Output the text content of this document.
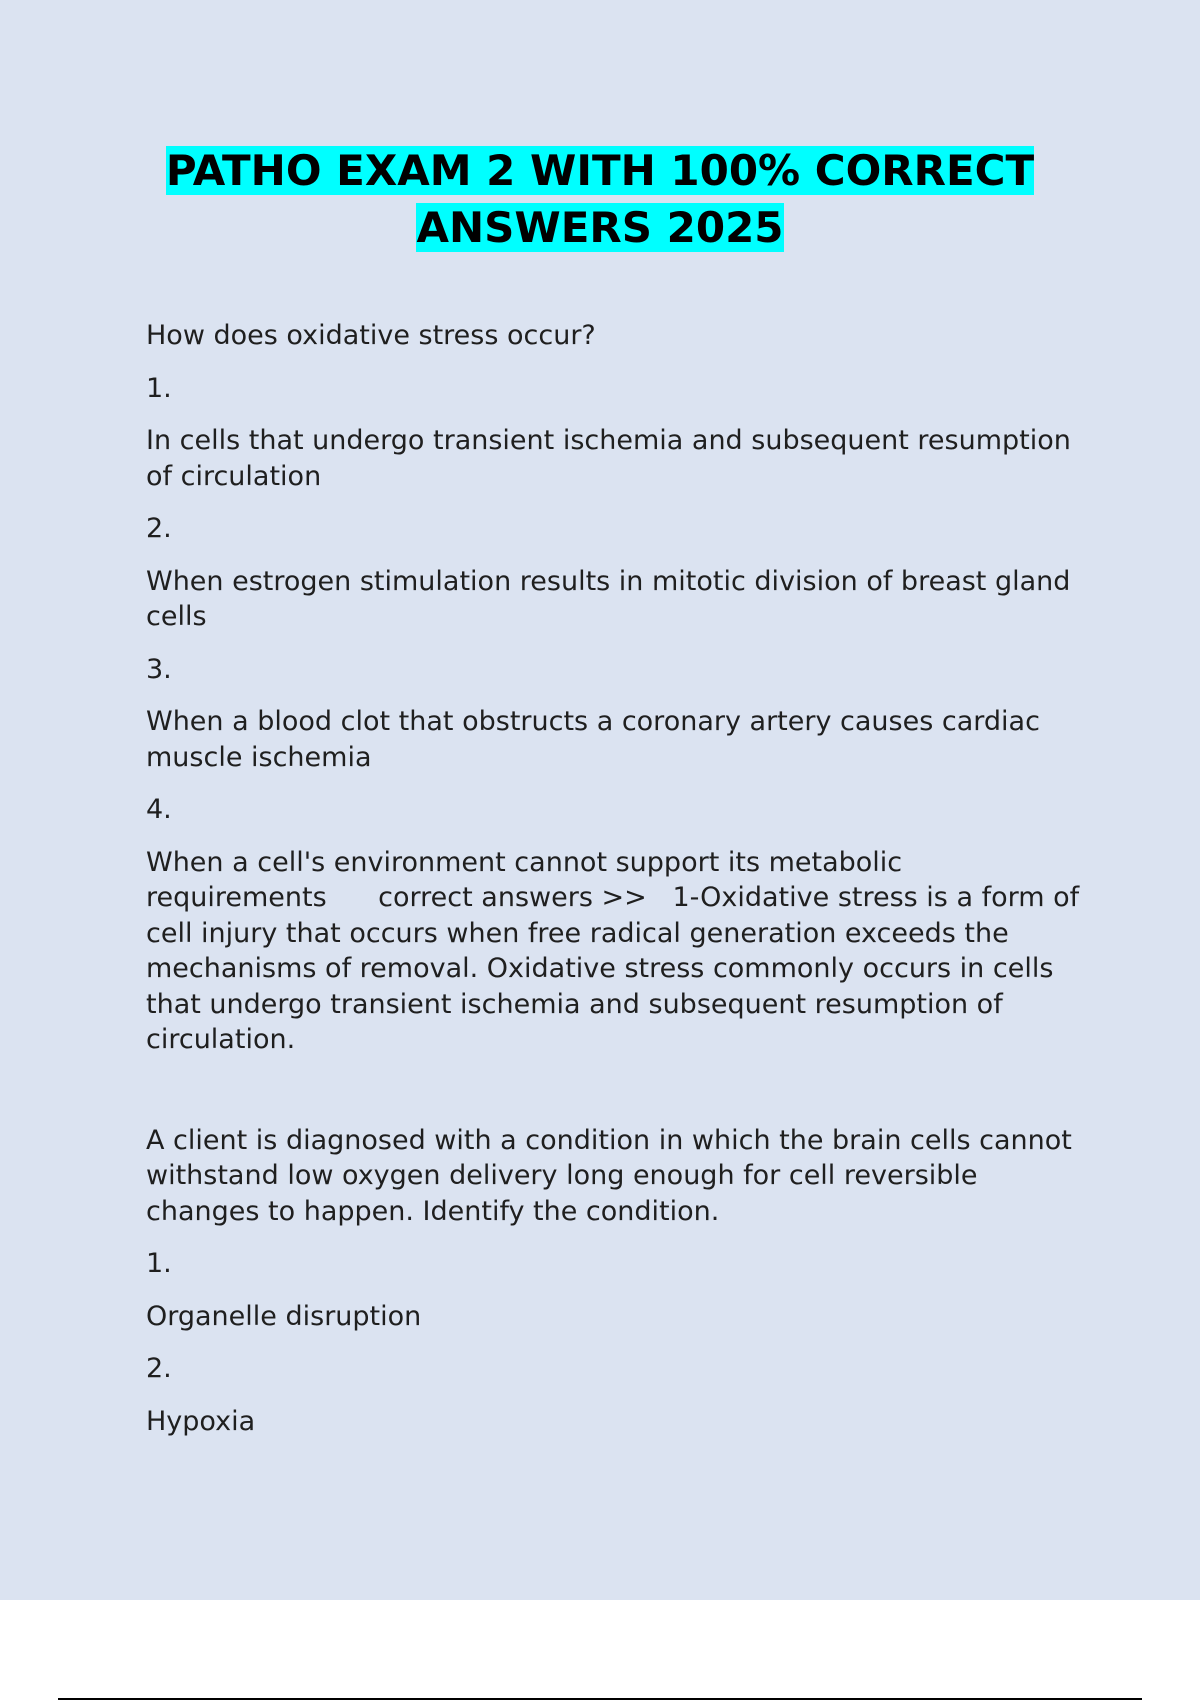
PATHO EXAM 2 WITH 100% CORRECT
ANSWERS 2025

How does oxidative stress occur?

1.

In cells that undergo transient ischemia and subsequent resumption of circulation

2.

When estrogen stimulation results in mitotic division of breast gland cells

3.

When a blood clot that obstructs a coronary artery causes cardiac muscle ischemia

4.

When a cell's environment cannot support its metabolic requirements correct answers >> 1-Oxidative stress is a form of cell injury that occurs when free radical generation exceeds the mechanisms of removal. Oxidative stress commonly occurs in cells that undergo transient ischemia and subsequent resumption of circulation.

A client is diagnosed with a condition in which the brain cells cannot withstand low oxygen delivery long enough for cell reversible changes to happen. Identify the condition.

1.

Organelle disruption

2.

Hypoxia
